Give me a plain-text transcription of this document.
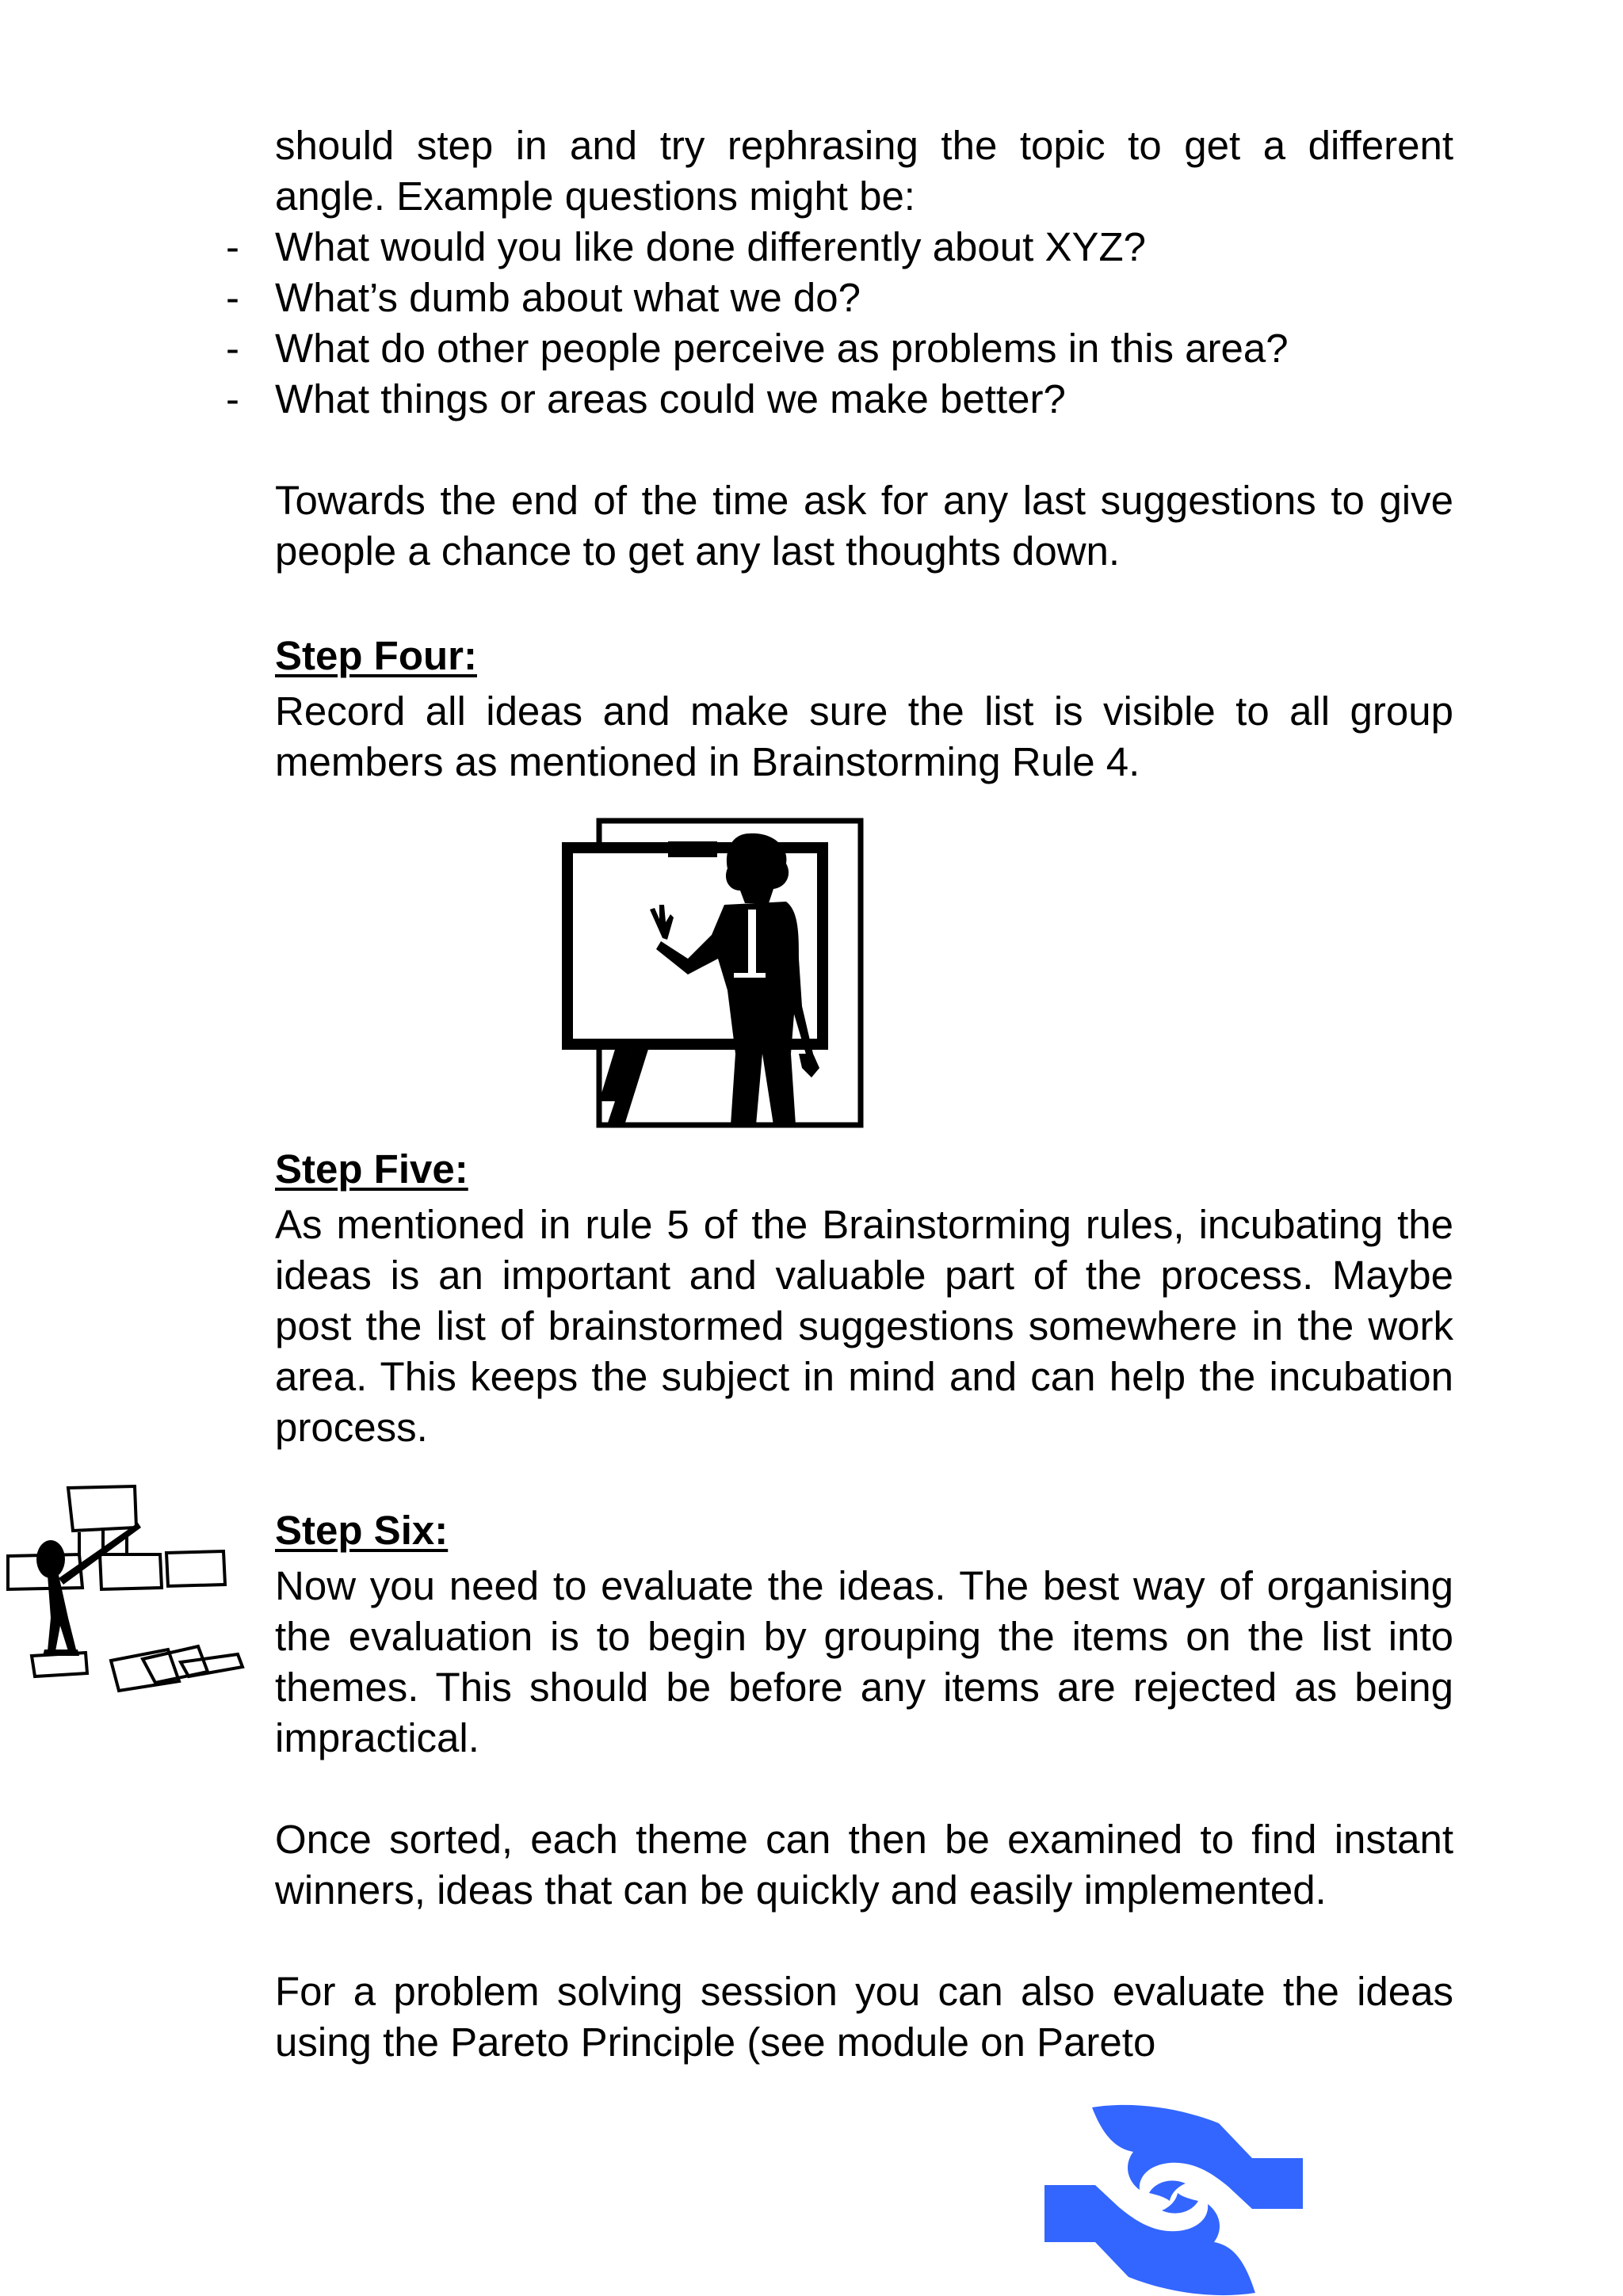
should step in and try rephrasing the topic to get a different
angle. Example questions might be:
- What would you like done differently about XYZ?
- What’s dumb about what we do?
- What do other people perceive as problems in this area?
- What things or areas could we make better?

Towards the end of the time ask for any last suggestions to give people a chance to get any last thoughts down.

Step Four:

Record all ideas and make sure the list is visible to all group members as mentioned in Brainstorming Rule 4.

Step Five:

As mentioned in rule 5 of the Brainstorming rules, incubating the ideas is an important and valuable part of the process. Maybe post the list of brainstormed suggestions somewhere in the work area. This keeps the subject in mind and can help the incubation process.

Step Six:

Now you need to evaluate the ideas. The best way of organising the evaluation is to begin by grouping the items on the list into themes. This should be before any items are rejected as being impractical.

Once sorted, each theme can then be examined to find instant winners, ideas that can be quickly and easily implemented.

For a problem solving session you can also evaluate the ideas using the Pareto Principle (see module on Pareto
